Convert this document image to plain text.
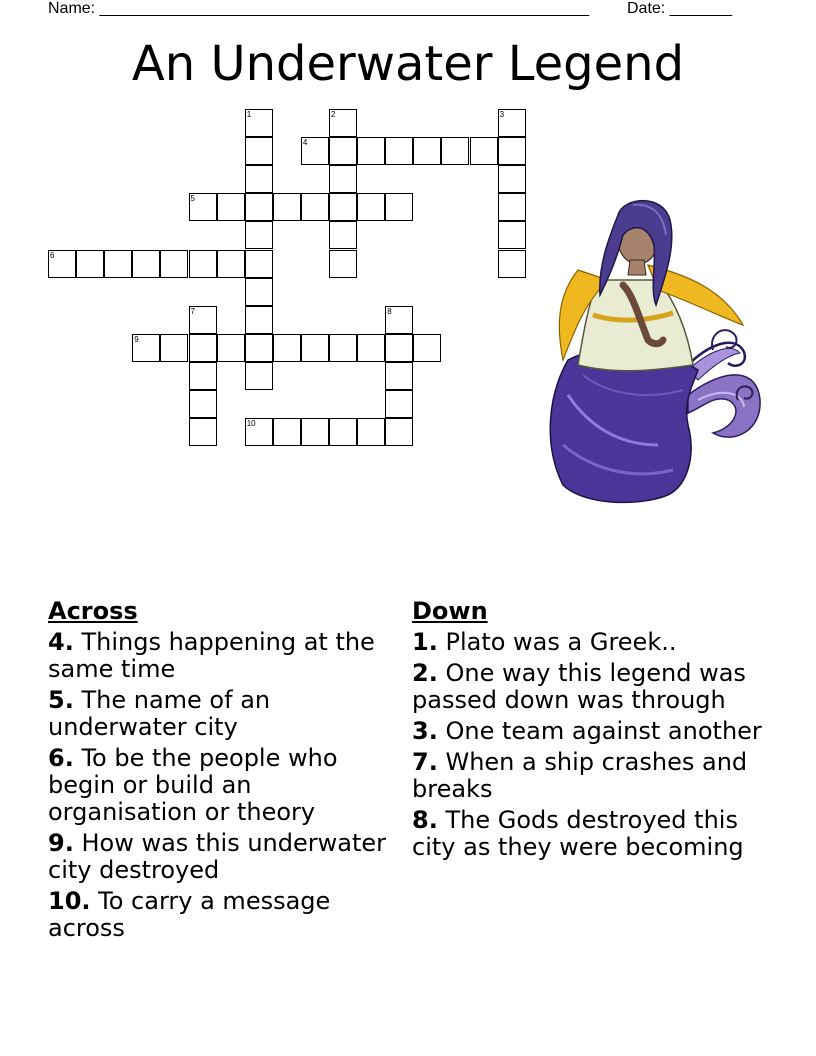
Name: _______________________________________________________ Date: _______
An Underwater Legend
1	2	3
4
5
6
7	8
9
10
Across
4. Things happening at the same time
5. The name of an underwater city
6. To be the people who begin or build an organisation or theory
9. How was this underwater city destroyed
10. To carry a message across
Down
1. Plato was a Greek..
2. One way this legend was passed down was through
3. One team against another
7. When a ship crashes and breaks
8. The Gods destroyed this city as they were becoming
